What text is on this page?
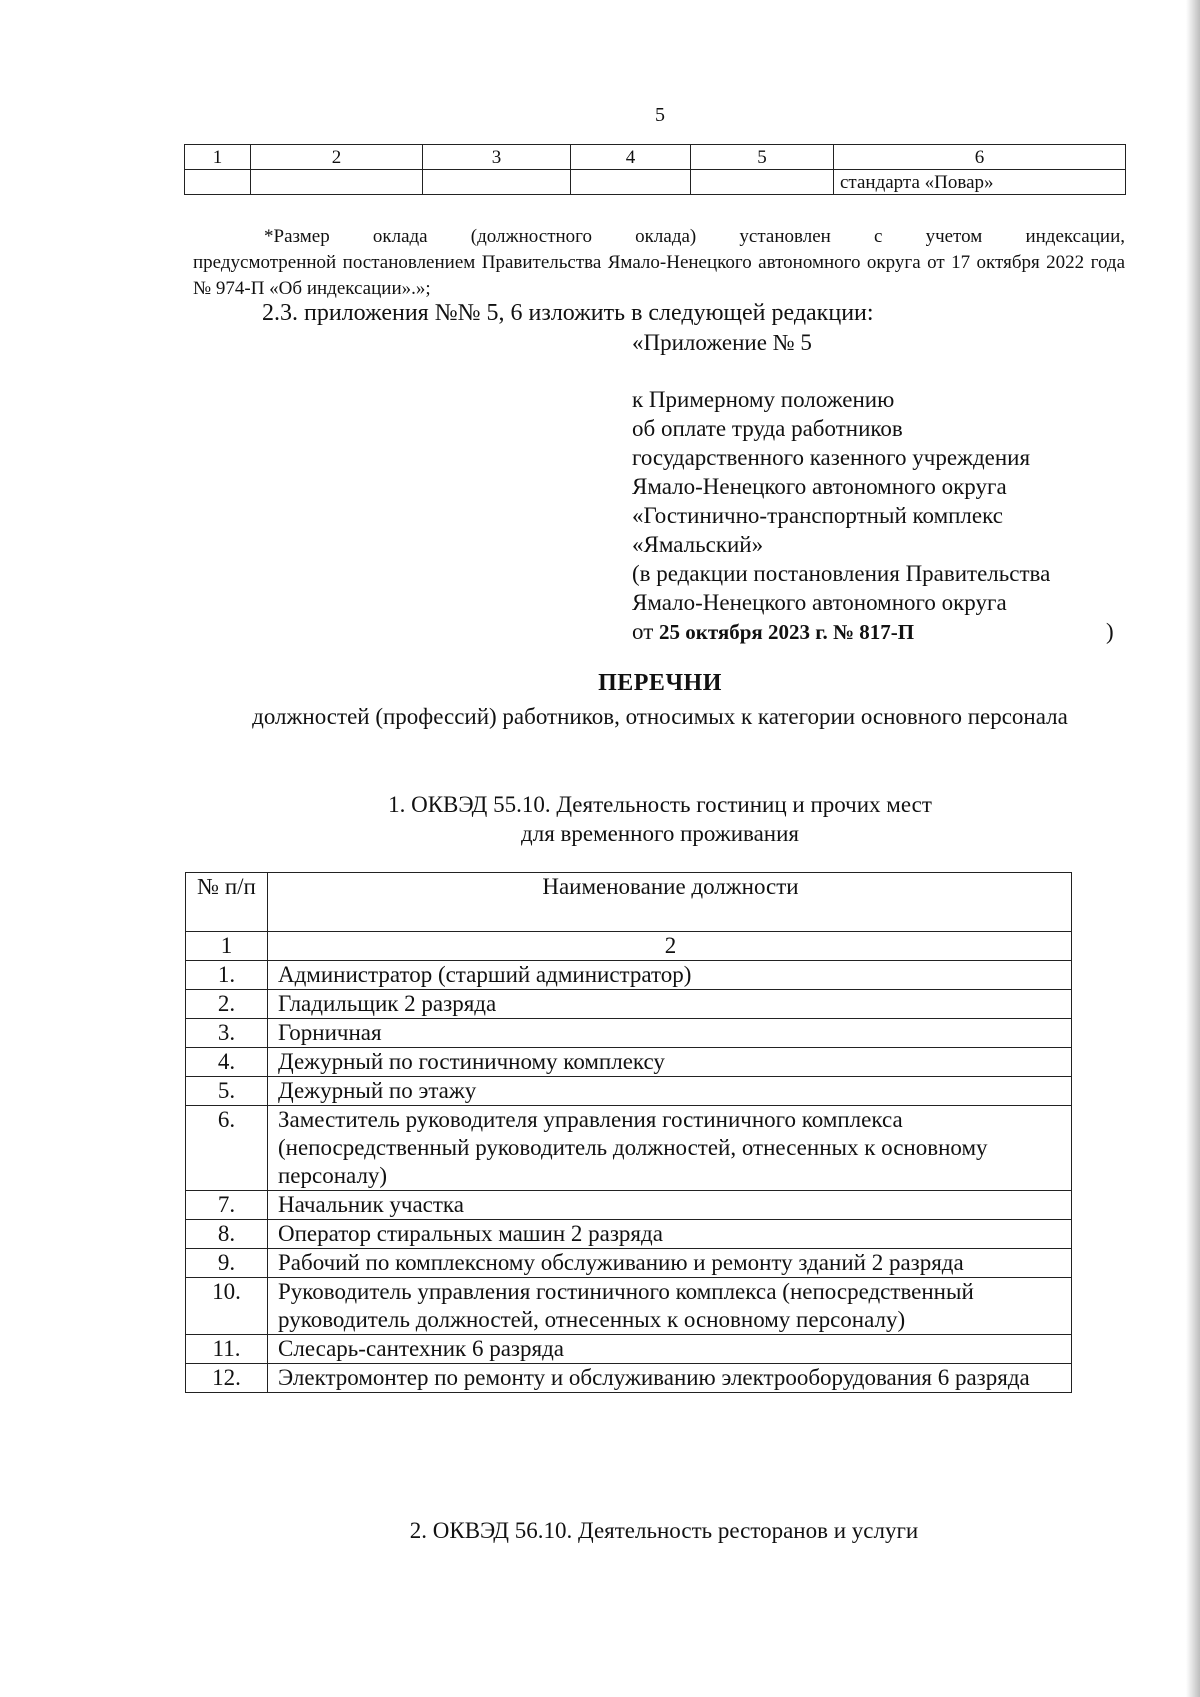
5
1	2	3	4	5	6
					стандарта «Повар»
*Размер оклада (должностного оклада) установлен с учетом индексации,
предусмотренной постановлением Правительства Ямало-Ненецкого автономного округа от 17 октября 2022 года № 974-П «Об индексации».»;
2.3. приложения №№ 5, 6 изложить в следующей редакции:
«Приложение № 5
к Примерному положению
об оплате труда работников
государственного казенного учреждения
Ямало-Ненецкого автономного округа
«Гостинично-транспортный комплекс
«Ямальский»
(в редакции постановления Правительства
Ямало-Ненецкого автономного округа
от 25 октября 2023 г. № 817-П	)
ПЕРЕЧНИ
должностей (профессий) работников, относимых к категории основного персонала
1. ОКВЭД 55.10. Деятельность гостиниц и прочих мест
для временного проживания
№ п/п	Наименование должности
1	2
1.	Администратор (старший администратор)
2.	Гладильщик 2 разряда
3.	Горничная
4.	Дежурный по гостиничному комплексу
5.	Дежурный по этажу
6.	Заместитель руководителя управления гостиничного комплекса (непосредственный руководитель должностей, отнесенных к основному персоналу)
7.	Начальник участка
8.	Оператор стиральных машин 2 разряда
9.	Рабочий по комплексному обслуживанию и ремонту зданий 2 разряда
10.	Руководитель управления гостиничного комплекса (непосредственный руководитель должностей, отнесенных к основному персоналу)
11.	Слесарь-сантехник 6 разряда
12.	Электромонтер по ремонту и обслуживанию электрооборудования 6 разряда
2. ОКВЭД 56.10. Деятельность ресторанов и услуги
